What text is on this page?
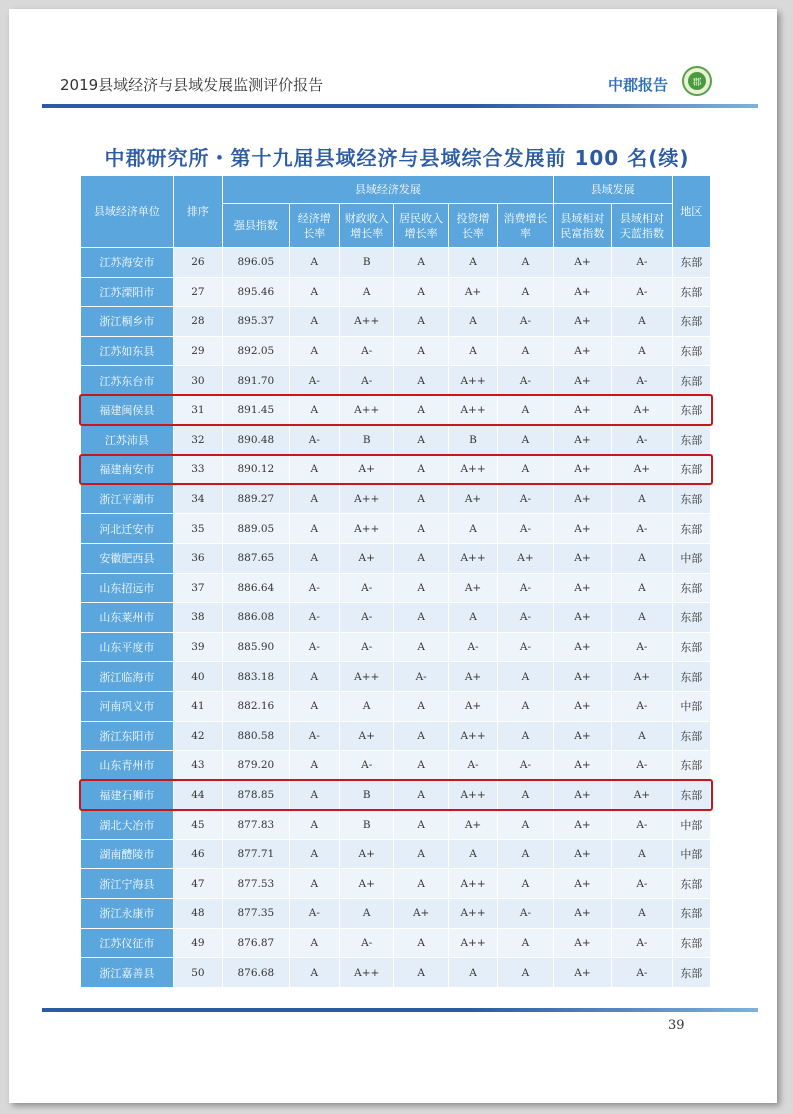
2019县域经济与县域发展监测评价报告	中郡报告	郡
中郡研究所・第十九届县域经济与县域综合发展前 100 名(续)
县域经济单位	排序	县域经济发展						县域发展		地区
		强县指数	经济增长率	财政收入增长率	居民收入增长率	投资增长率	消费增长率	县域相对民富指数	县域相对天蓝指数	
江苏海安市	26	896.05	A	B	A	A	A	A+	A-	东部
江苏溧阳市	27	895.46	A	A	A	A+	A	A+	A-	东部
浙江桐乡市	28	895.37	A	A++	A	A	A-	A+	A	东部
江苏如东县	29	892.05	A	A-	A	A	A	A+	A	东部
江苏东台市	30	891.70	A-	A-	A	A++	A-	A+	A-	东部
福建闽侯县	31	891.45	A	A++	A	A++	A	A+	A+	东部
江苏沛县	32	890.48	A-	B	A	B	A	A+	A-	东部
福建南安市	33	890.12	A	A+	A	A++	A	A+	A+	东部
浙江平湖市	34	889.27	A	A++	A	A+	A-	A+	A	东部
河北迁安市	35	889.05	A	A++	A	A	A-	A+	A-	东部
安徽肥西县	36	887.65	A	A+	A	A++	A+	A+	A	中部
山东招远市	37	886.64	A-	A-	A	A+	A-	A+	A	东部
山东莱州市	38	886.08	A-	A-	A	A	A-	A+	A	东部
山东平度市	39	885.90	A-	A-	A	A-	A-	A+	A-	东部
浙江临海市	40	883.18	A	A++	A-	A+	A	A+	A+	东部
河南巩义市	41	882.16	A	A	A	A+	A	A+	A-	中部
浙江东阳市	42	880.58	A-	A+	A	A++	A	A+	A	东部
山东青州市	43	879.20	A	A-	A	A-	A-	A+	A-	东部
福建石狮市	44	878.85	A	B	A	A++	A	A+	A+	东部
湖北大冶市	45	877.83	A	B	A	A+	A	A+	A-	中部
湖南醴陵市	46	877.71	A	A+	A	A	A	A+	A	中部
浙江宁海县	47	877.53	A	A+	A	A++	A	A+	A-	东部
浙江永康市	48	877.35	A-	A	A+	A++	A-	A+	A	东部
江苏仪征市	49	876.87	A	A-	A	A++	A	A+	A-	东部
浙江嘉善县	50	876.68	A	A++	A	A	A	A+	A-	东部
39
